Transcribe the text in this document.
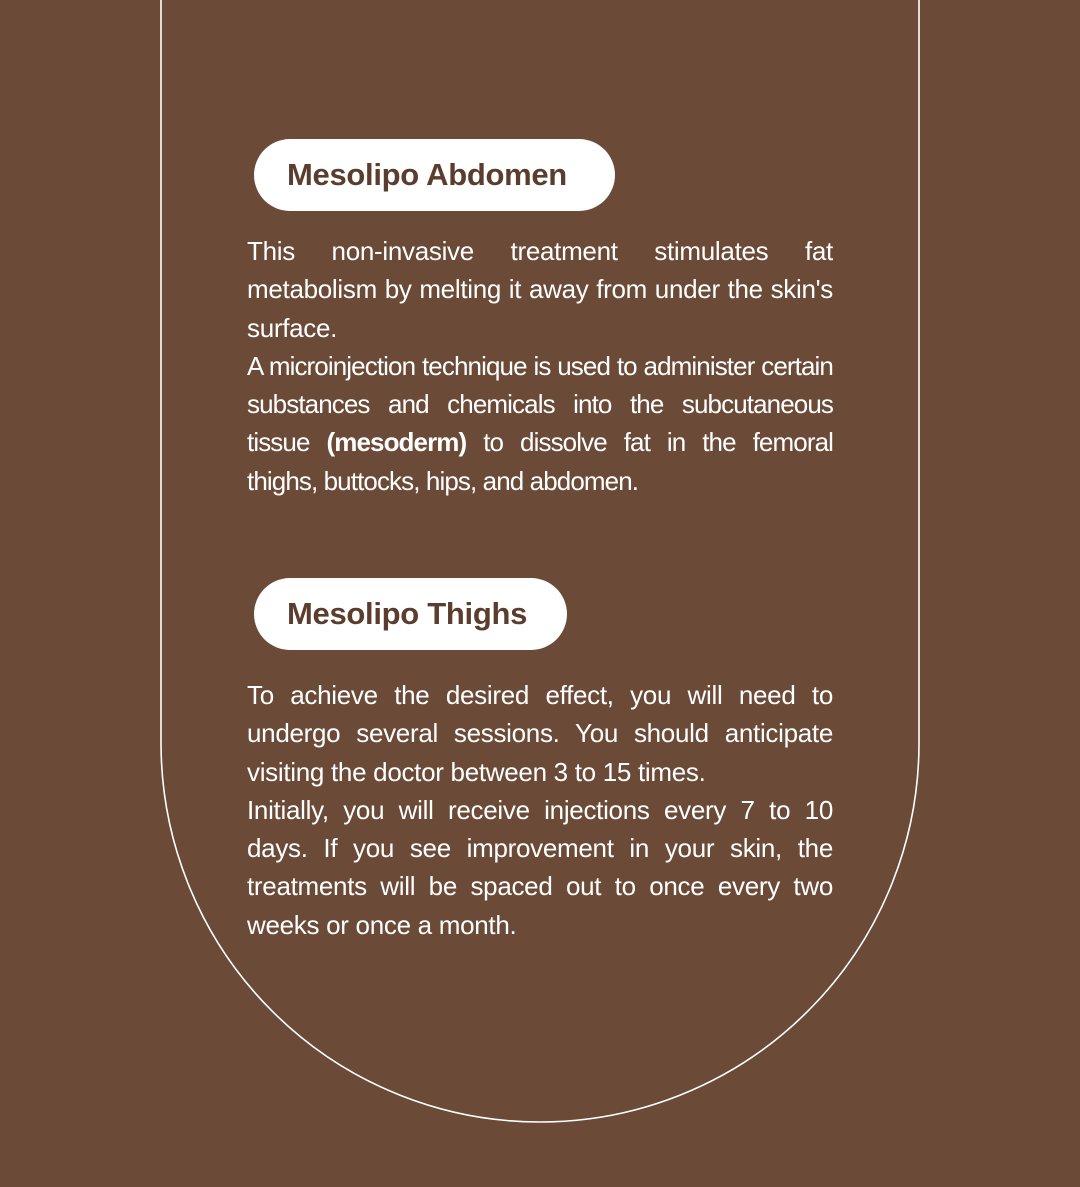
Mesolipo Abdomen

This non-invasive treatment stimulates fat metabolism by melting it away from under the skin's surface.

A microinjection technique is used to administer certain substances and chemicals into the subcutaneous tissue (mesoderm) to dissolve fat in the femoral thighs, buttocks, hips, and abdomen.

Mesolipo Thighs

To achieve the desired effect, you will need to undergo several sessions. You should anticipate visiting the doctor between 3 to 15 times.

Initially, you will receive injections every 7 to 10 days. If you see improvement in your skin, the treatments will be spaced out to once every two weeks or once a month.
